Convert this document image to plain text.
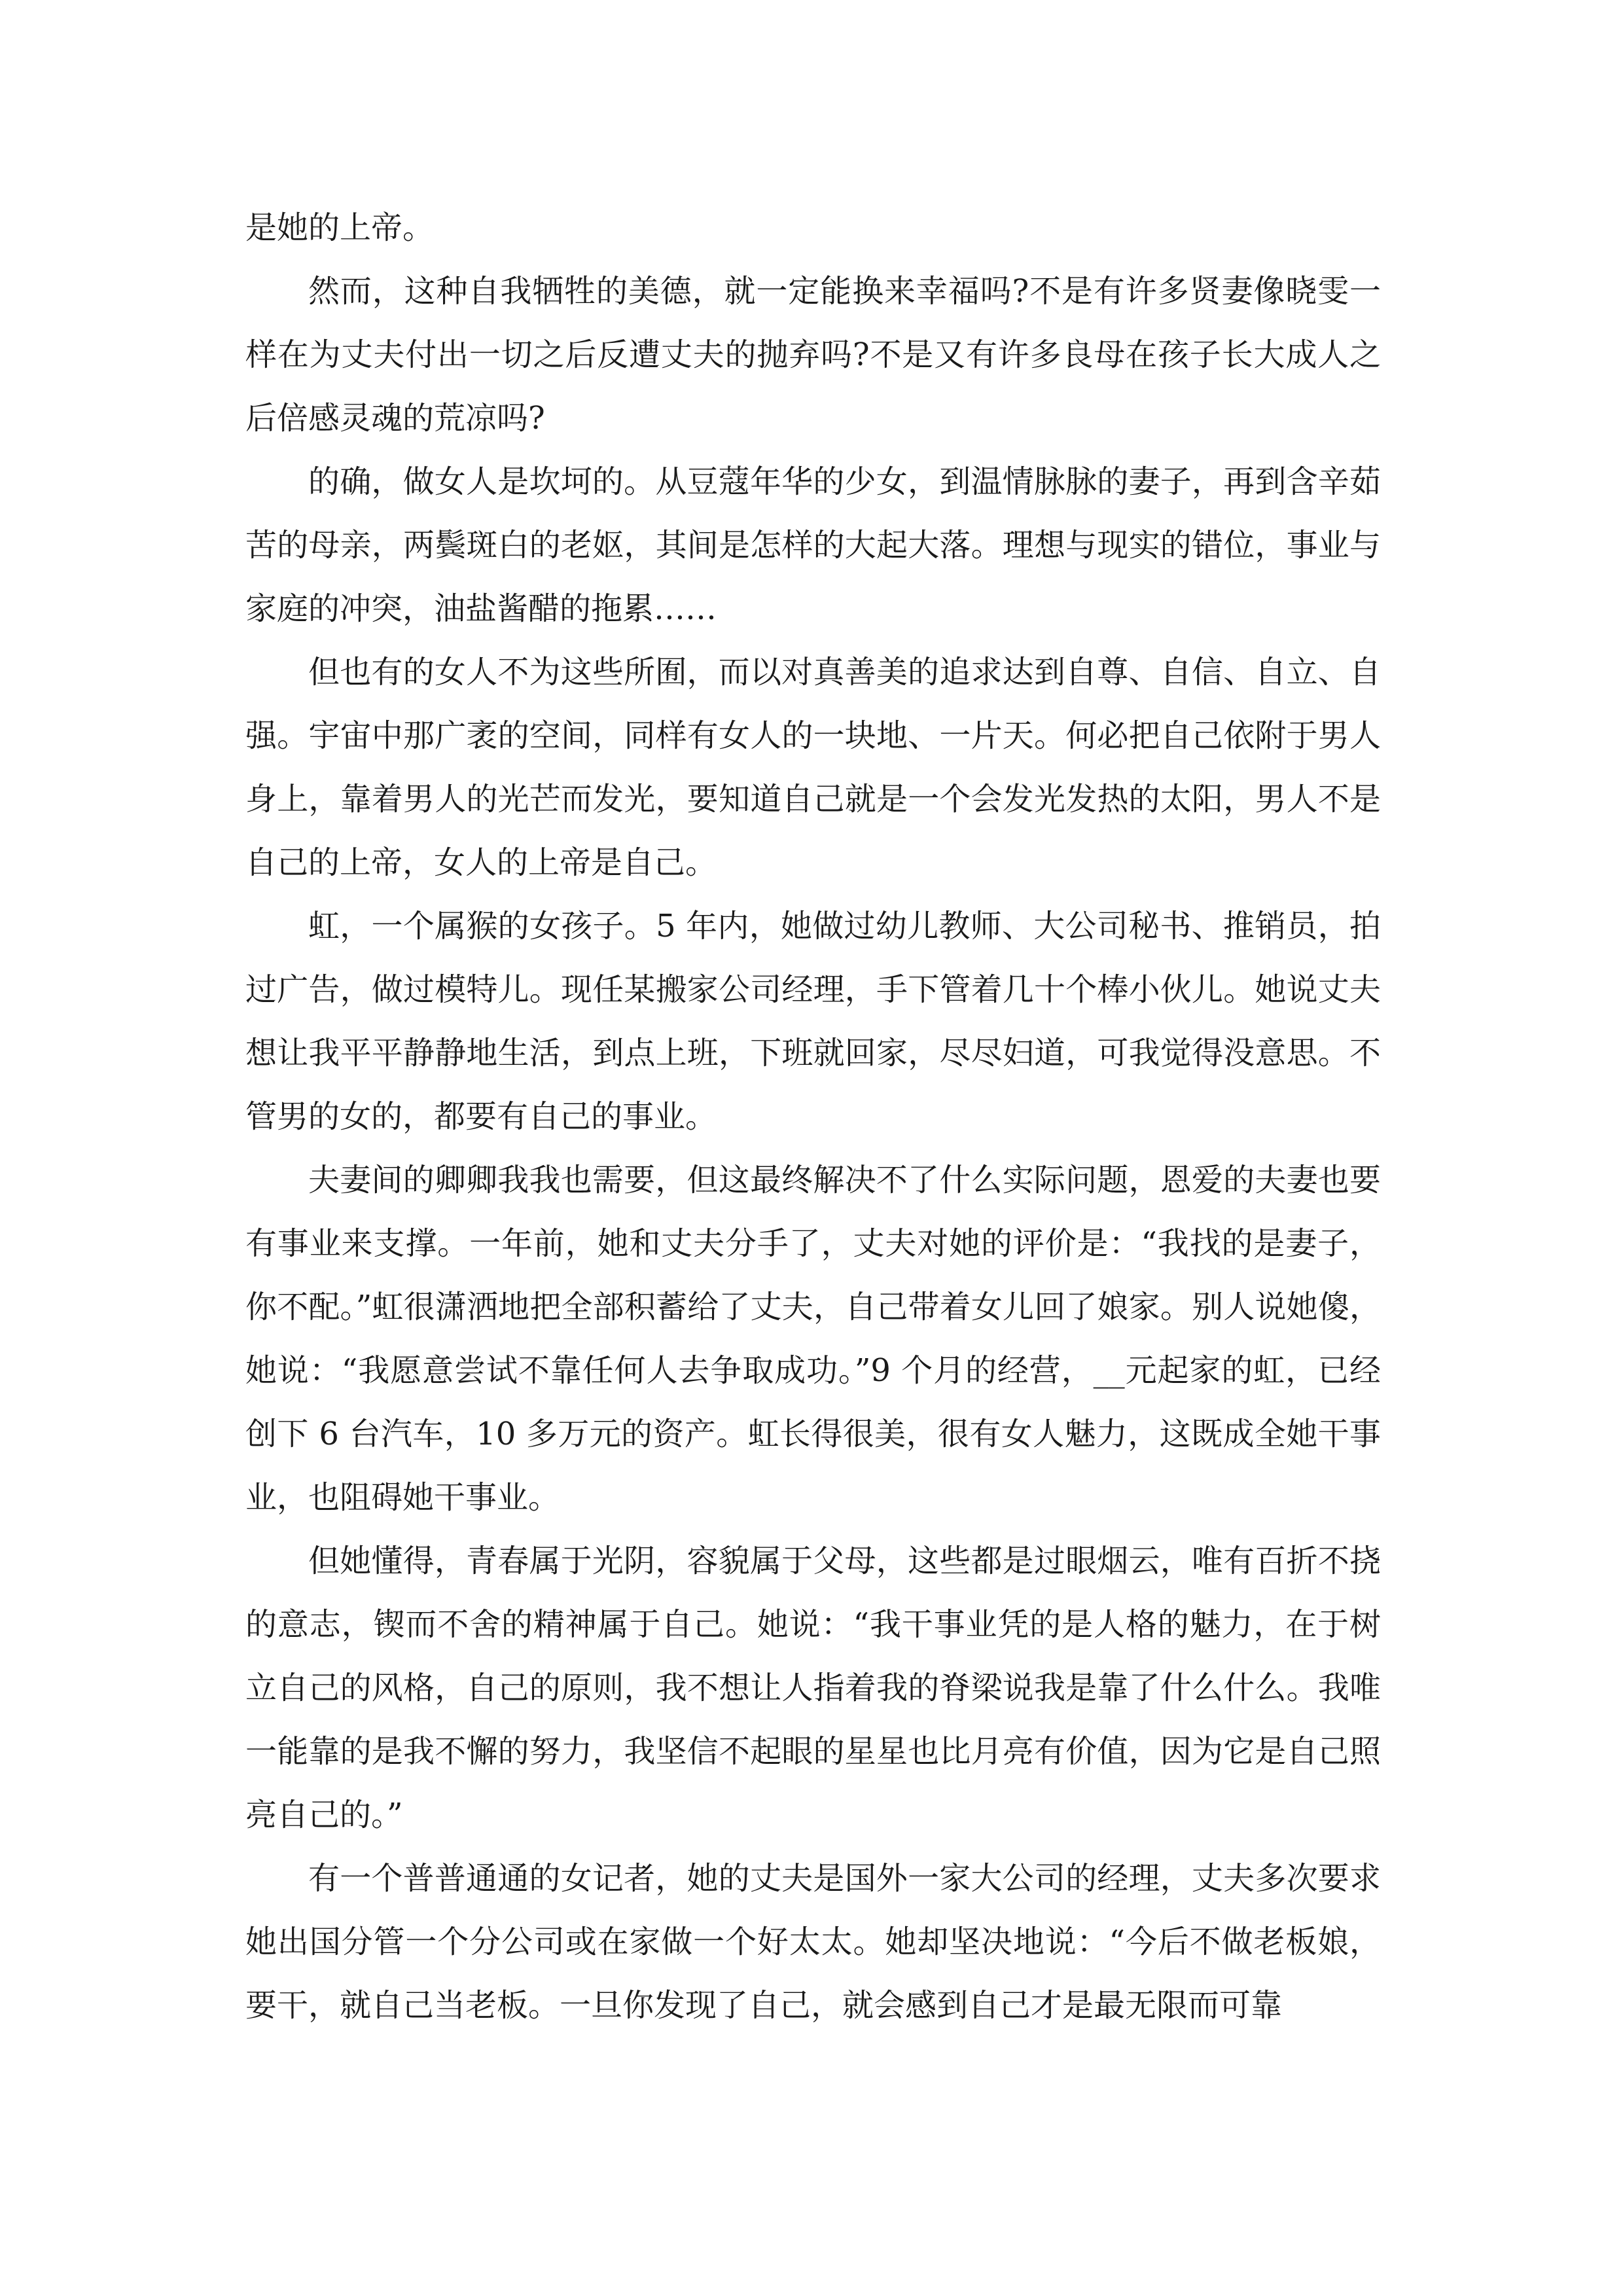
是她的上帝。

然而，这种自我牺牲的美德，就一定能换来幸福吗?不是有许多贤妻像晓雯一样在为丈夫付出一切之后反遭丈夫的抛弃吗?不是又有许多良母在孩子长大成人之后倍感灵魂的荒凉吗?

的确，做女人是坎坷的。从豆蔻年华的少女，到温情脉脉的妻子，再到含辛茹苦的母亲，两鬓斑白的老妪，其间是怎样的大起大落。理想与现实的错位，事业与家庭的冲突，油盐酱醋的拖累……

但也有的女人不为这些所囿，而以对真善美的追求达到自尊、自信、自立、自强。宇宙中那广袤的空间，同样有女人的一块地、一片天。何必把自己依附于男人身上，靠着男人的光芒而发光，要知道自己就是一个会发光发热的太阳，男人不是自己的上帝，女人的上帝是自己。

虹，一个属猴的女孩子。5 年内，她做过幼儿教师、大公司秘书、推销员，拍过广告，做过模特儿。现任某搬家公司经理，手下管着几十个棒小伙儿。她说丈夫想让我平平静静地生活，到点上班，下班就回家，尽尽妇道，可我觉得没意思。不管男的女的，都要有自己的事业。

夫妻间的卿卿我我也需要，但这最终解决不了什么实际问题，恩爱的夫妻也要有事业来支撑。一年前，她和丈夫分手了，丈夫对她的评价是：“我找的是妻子，你不配。”虹很潇洒地把全部积蓄给了丈夫，自己带着女儿回了娘家。别人说她傻，她说：“我愿意尝试不靠任何人去争取成功。”9 个月的经营，__元起家的虹，已经创下 6 台汽车，10 多万元的资产。虹长得很美，很有女人魅力，这既成全她干事业，也阻碍她干事业。

但她懂得，青春属于光阴，容貌属于父母，这些都是过眼烟云，唯有百折不挠的意志，锲而不舍的精神属于自己。她说：“我干事业凭的是人格的魅力，在于树立自己的风格，自己的原则，我不想让人指着我的脊梁说我是靠了什么什么。我唯一能靠的是我不懈的努力，我坚信不起眼的星星也比月亮有价值，因为它是自己照亮自己的。”

有一个普普通通的女记者，她的丈夫是国外一家大公司的经理，丈夫多次要求她出国分管一个分公司或在家做一个好太太。她却坚决地说：“今后不做老板娘，要干，就自己当老板。一旦你发现了自己，就会感到自己才是最无限而可靠
